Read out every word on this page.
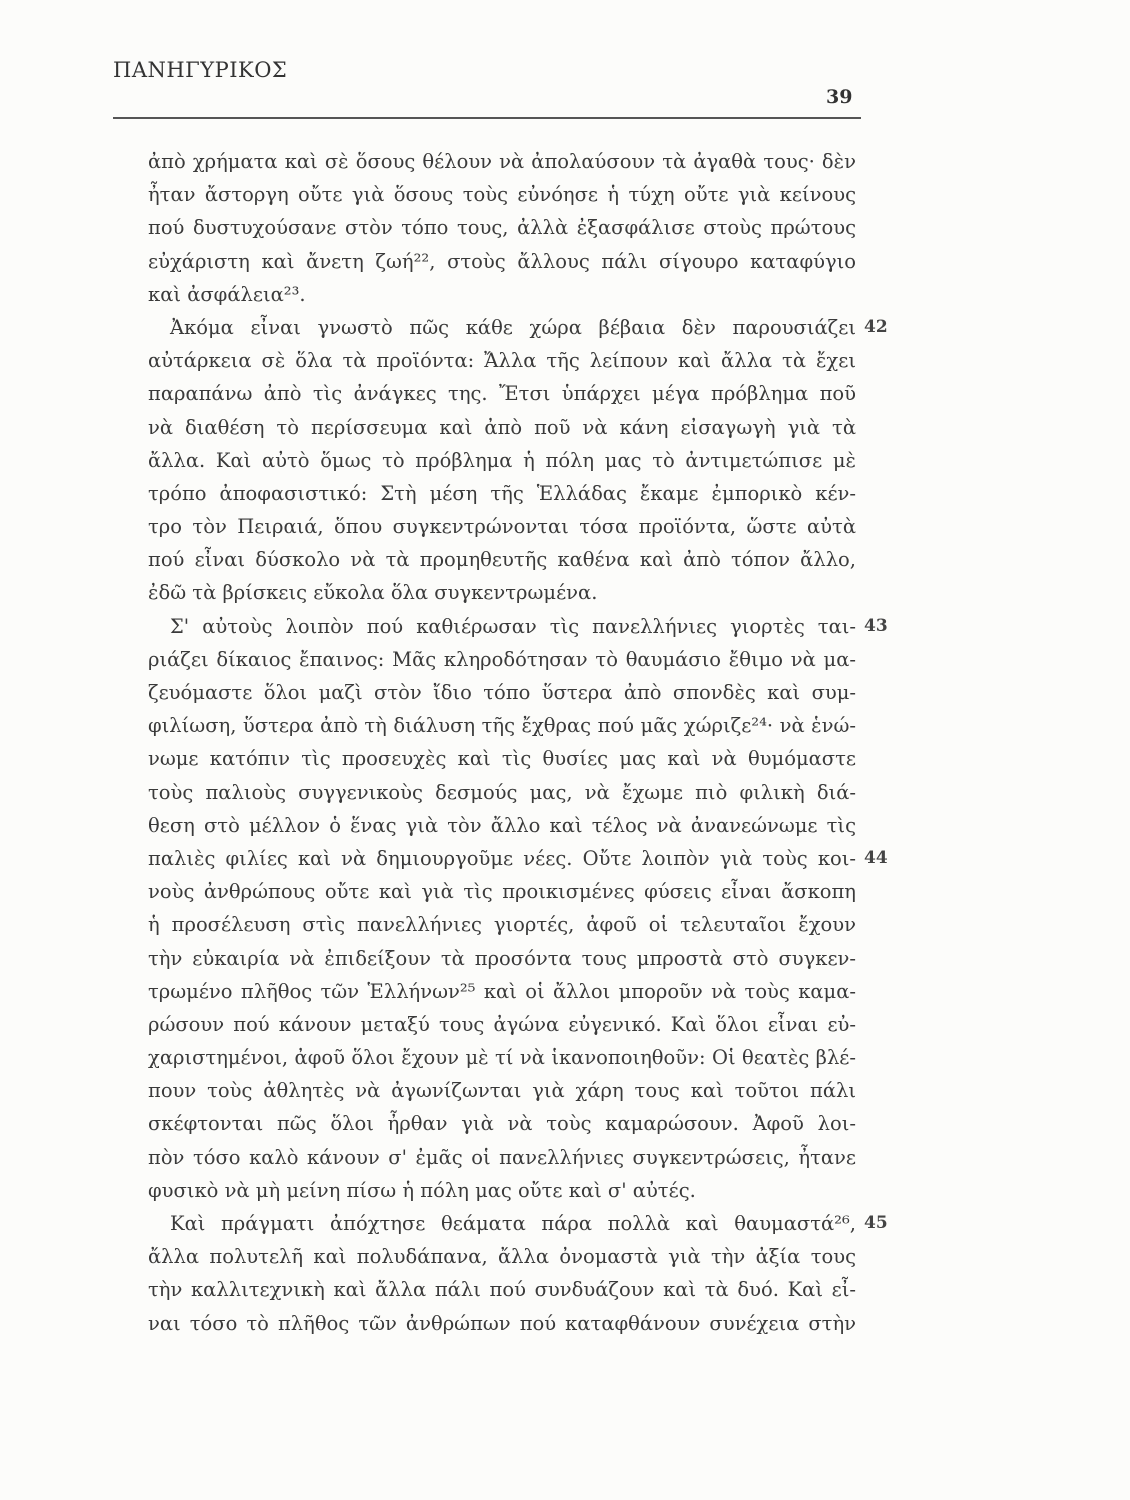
ΠΑΝΗΓΥΡΙΚΟΣ
39
ἀπὸ χρήματα καὶ σὲ ὅσους θέλουν νὰ ἀπολαύσουν τὰ ἀγαθὰ τους· δὲν
ἦταν ἄστοργη οὔτε γιὰ ὅσους τοὺς εὐνόησε ἡ τύχη οὔτε γιὰ κείνους
πού δυστυχούσανε στὸν τόπο τους, ἀλλὰ ἐξασφάλισε στοὺς πρώτους
εὐχάριστη καὶ ἄνετη ζωή²², στοὺς ἄλλους πάλι σίγουρο καταφύγιο
καὶ ἀσφάλεια²³.
Ἀκόμα εἶναι γνωστὸ πῶς κάθε χώρα βέβαια δὲν παρουσιάζει 42
αὐτάρκεια σὲ ὅλα τὰ προϊόντα: Ἄλλα τῆς λείπουν καὶ ἄλλα τὰ ἔχει
παραπάνω ἀπὸ τὶς ἀνάγκες της. Ἔτσι ὑπάρχει μέγα πρόβλημα ποῦ
νὰ διαθέση τὸ περίσσευμα καὶ ἀπὸ ποῦ νὰ κάνη εἰσαγωγὴ γιὰ τὰ
ἄλλα. Καὶ αὐτὸ ὅμως τὸ πρόβλημα ἡ πόλη μας τὸ ἀντιμετώπισε μὲ
τρόπο ἀποφασιστικό: Στὴ μέση τῆς Ἑλλάδας ἔκαμε ἐμπορικὸ κέν-
τρο τὸν Πειραιά, ὅπου συγκεντρώνονται τόσα προϊόντα, ὥστε αὐτὰ
πού εἶναι δύσκολο νὰ τὰ προμηθευτῆς καθένα καὶ ἀπὸ τόπον ἄλλο,
ἐδῶ τὰ βρίσκεις εὔκολα ὅλα συγκεντρωμένα.
Σ' αὐτοὺς λοιπὸν πού καθιέρωσαν τὶς πανελλήνιες γιορτὲς ται- 43
ριάζει δίκαιος ἔπαινος: Μᾶς κληροδότησαν τὸ θαυμάσιο ἔθιμο νὰ μα-
ζευόμαστε ὅλοι μαζὶ στὸν ἴδιο τόπο ὕστερα ἀπὸ σπονδὲς καὶ συμ-
φιλίωση, ὕστερα ἀπὸ τὴ διάλυση τῆς ἔχθρας πού μᾶς χώριζε²⁴· νὰ ἑνώ-
νωμε κατόπιν τὶς προσευχὲς καὶ τὶς θυσίες μας καὶ νὰ θυμόμαστε
τοὺς παλιοὺς συγγενικοὺς δεσμούς μας, νὰ ἔχωμε πιὸ φιλικὴ διά-
θεση στὸ μέλλον ὁ ἕνας γιὰ τὸν ἄλλο καὶ τέλος νὰ ἀνανεώνωμε τὶς
παλιὲς φιλίες καὶ νὰ δημιουργοῦμε νέες. Οὔτε λοιπὸν γιὰ τοὺς κοι- 44
νοὺς ἀνθρώπους οὔτε καὶ γιὰ τὶς προικισμένες φύσεις εἶναι ἄσκοπη
ἡ προσέλευση στὶς πανελλήνιες γιορτές, ἀφοῦ οἱ τελευταῖοι ἔχουν
τὴν εὐκαιρία νὰ ἐπιδείξουν τὰ προσόντα τους μπροστὰ στὸ συγκεν-
τρωμένο πλῆθος τῶν Ἑλλήνων²⁵ καὶ οἱ ἄλλοι μποροῦν νὰ τοὺς καμα-
ρώσουν πού κάνουν μεταξύ τους ἀγώνα εὐγενικό. Καὶ ὅλοι εἶναι εὐ-
χαριστημένοι, ἀφοῦ ὅλοι ἔχουν μὲ τί νὰ ἱκανοποιηθοῦν: Οἱ θεατὲς βλέ-
πουν τοὺς ἀθλητὲς νὰ ἀγωνίζωνται γιὰ χάρη τους καὶ τοῦτοι πάλι
σκέφτονται πῶς ὅλοι ἦρθαν γιὰ νὰ τοὺς καμαρώσουν. Ἀφοῦ λοι-
πὸν τόσο καλὸ κάνουν σ' ἐμᾶς οἱ πανελλήνιες συγκεντρώσεις, ἦτανε
φυσικὸ νὰ μὴ μείνη πίσω ἡ πόλη μας οὔτε καὶ σ' αὐτές.
Καὶ πράγματι ἀπόχτησε θεάματα πάρα πολλὰ καὶ θαυμαστά²⁶, 45
ἄλλα πολυτελῆ καὶ πολυδάπανα, ἄλλα ὀνομαστὰ γιὰ τὴν ἀξία τους
τὴν καλλιτεχνικὴ καὶ ἄλλα πάλι πού συνδυάζουν καὶ τὰ δυό. Καὶ εἶ-
ναι τόσο τὸ πλῆθος τῶν ἀνθρώπων πού καταφθάνουν συνέχεια στὴν
